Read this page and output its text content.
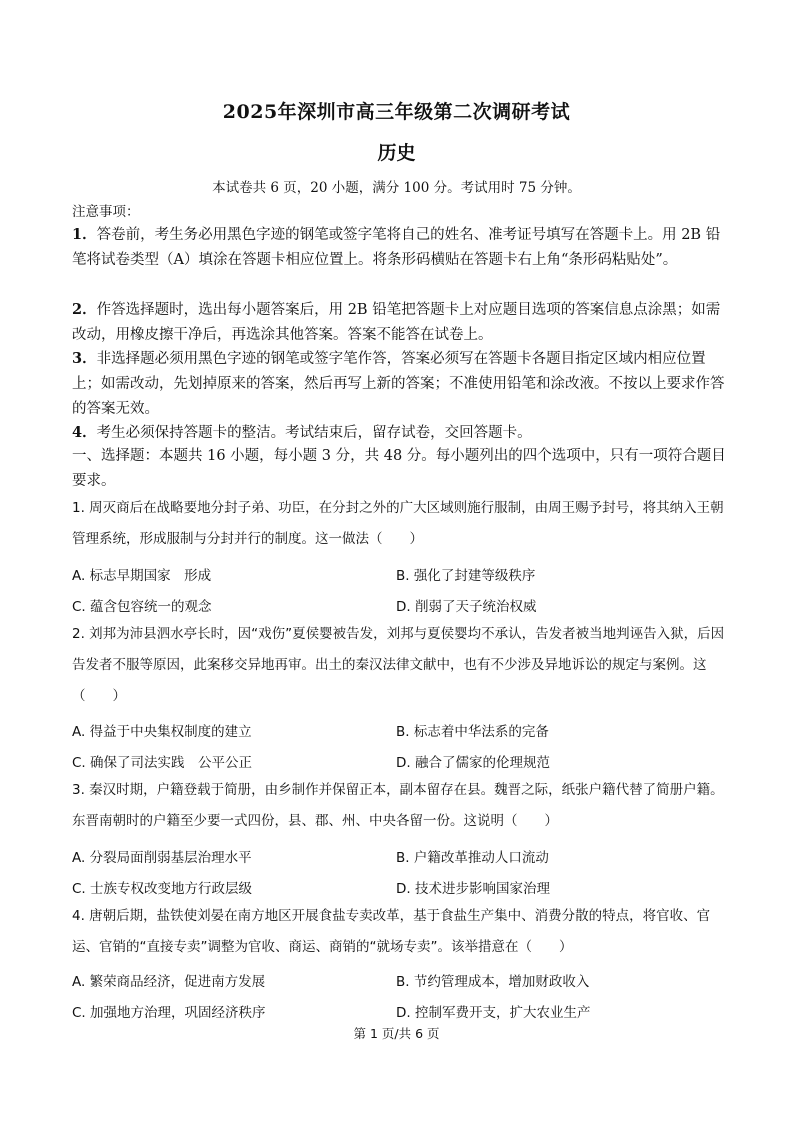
2025年深圳市高三年级第二次调研考试
历史
本试卷共 6 页，20 小题，满分 100 分。考试用时 75 分钟。
注意事项：
1．答卷前，考生务必用黑色字迹的钢笔或签字笔将自己的姓名、准考证号填写在答题卡上。用 2B 铅笔将试卷类型（A）填涂在答题卡相应位置上。将条形码横贴在答题卡右上角“条形码粘贴处”。
2．作答选择题时，选出每小题答案后，用 2B 铅笔把答题卡上对应题目选项的答案信息点涂黑；如需改动，用橡皮擦干净后，再选涂其他答案。答案不能答在试卷上。
3．非选择题必须用黑色字迹的钢笔或签字笔作答，答案必须写在答题卡各题目指定区域内相应位置上；如需改动，先划掉原来的答案，然后再写上新的答案；不准使用铅笔和涂改液。不按以上要求作答的答案无效。
4．考生必须保持答题卡的整洁。考试结束后，留存试卷，交回答题卡。
一、选择题：本题共 16 小题，每小题 3 分，共 48 分。每小题列出的四个选项中，只有一项符合题目要求。
1. 周灭商后在战略要地分封子弟、功臣，在分封之外的广大区域则施行服制，由周王赐予封号，将其纳入王朝管理系统，形成服制与分封并行的制度。这一做法（　　）
A. 标志早期国家　形成	B. 强化了封建等级秩序
C. 蕴含包容统一的观念	D. 削弱了天子统治权威
2. 刘邦为沛县泗水亭长时，因“戏伤”夏侯婴被告发，刘邦与夏侯婴均不承认，告发者被当地判诬告入狱，后因告发者不服等原因，此案移交异地再审。出土的秦汉法律文献中，也有不少涉及异地诉讼的规定与案例。这（　　）
A. 得益于中央集权制度的建立	B. 标志着中华法系的完备
C. 确保了司法实践　公平公正	D. 融合了儒家的伦理规范
3. 秦汉时期，户籍登载于简册，由乡制作并保留正本，副本留存在县。魏晋之际，纸张户籍代替了简册户籍。东晋南朝时的户籍至少要一式四份，县、郡、州、中央各留一份。这说明（　　）
A. 分裂局面削弱基层治理水平	B. 户籍改革推动人口流动
C. 士族专权改变地方行政层级	D. 技术进步影响国家治理
4. 唐朝后期，盐铁使刘晏在南方地区开展食盐专卖改革，基于食盐生产集中、消费分散的特点，将官收、官运、官销的“直接专卖”调整为官收、商运、商销的“就场专卖”。该举措意在（　　）
A. 繁荣商品经济，促进南方发展	B. 节约管理成本，增加财政收入
C. 加强地方治理，巩固经济秩序	D. 控制军费开支，扩大农业生产
第 1 页/共 6 页
